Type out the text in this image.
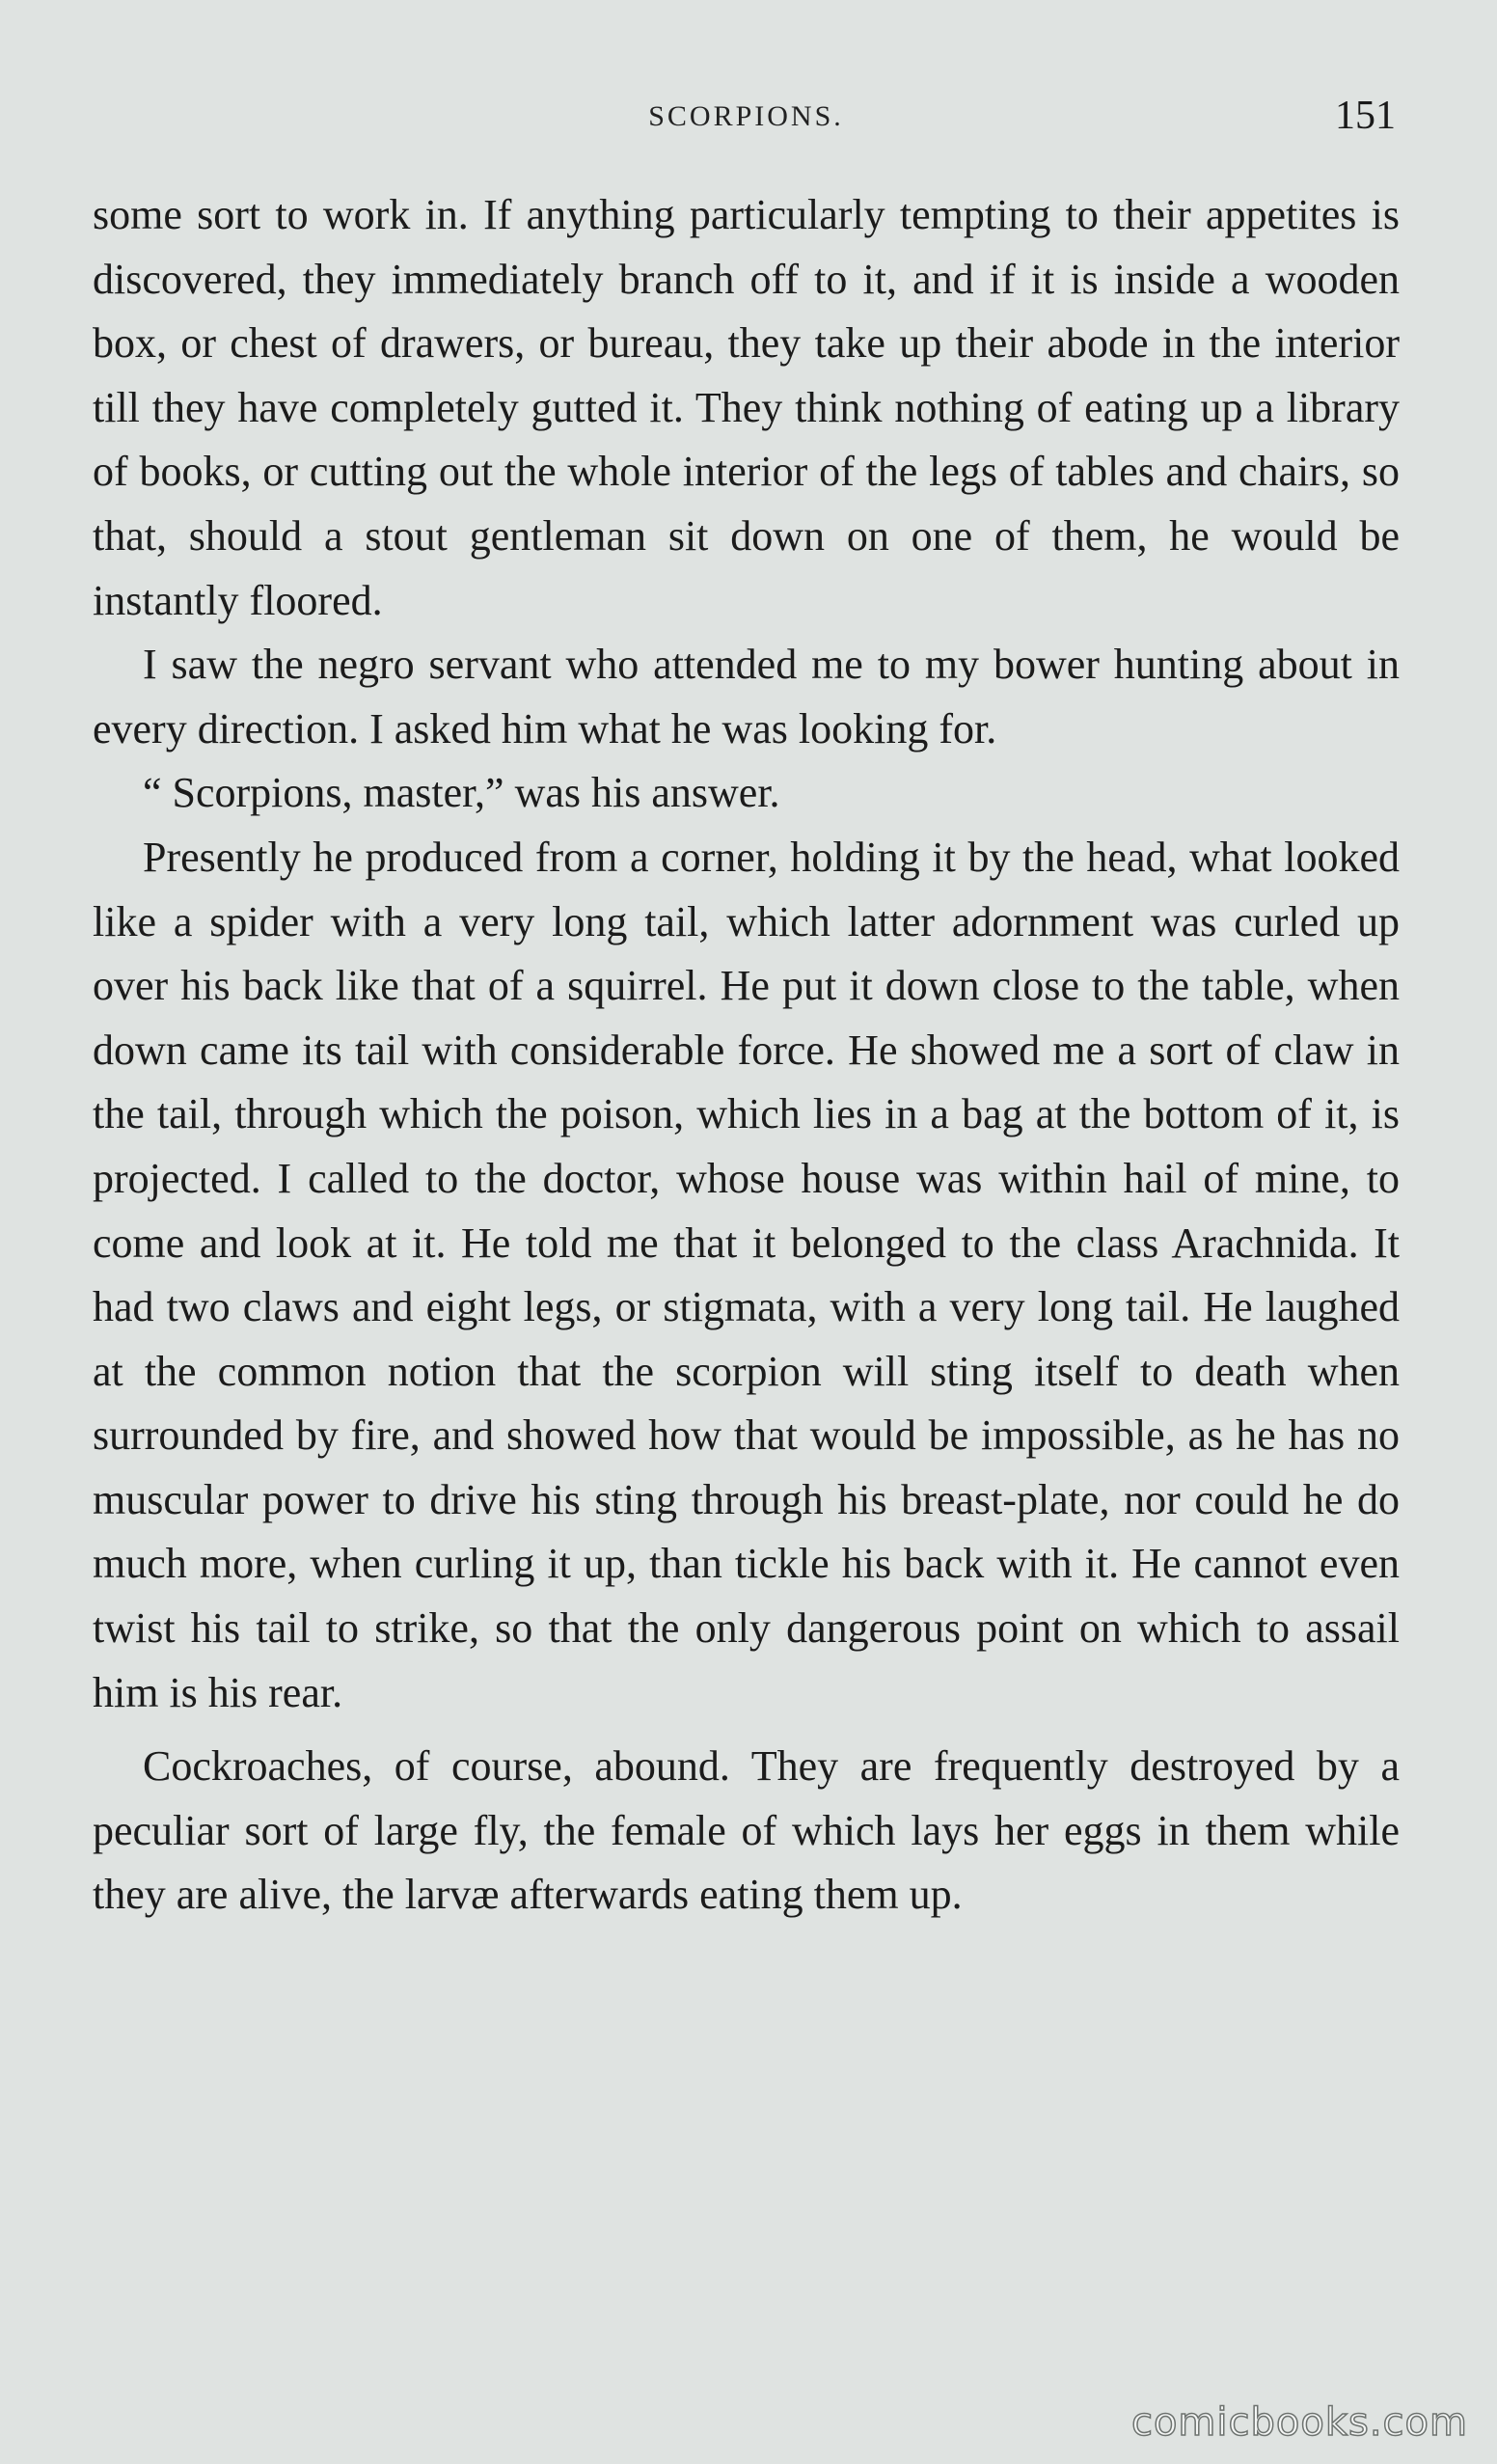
SCORPIONS.	151

some sort to work in. If anything particularly tempting to their appetites is discovered, they immediately branch off to it, and if it is inside a wooden box, or chest of drawers, or bureau, they take up their abode in the interior till they have completely gutted it. They think nothing of eating up a library of books, or cutting out the whole interior of the legs of tables and chairs, so that, should a stout gentleman sit down on one of them, he would be instantly floored.

I saw the negro servant who attended me to my bower hunting about in every direction. I asked him what he was looking for.

“ Scorpions, master,” was his answer.

Presently he produced from a corner, holding it by the head, what looked like a spider with a very long tail, which latter adornment was curled up over his back like that of a squirrel. He put it down close to the table, when down came its tail with considerable force. He showed me a sort of claw in the tail, through which the poison, which lies in a bag at the bottom of it, is projected. I called to the doctor, whose house was within hail of mine, to come and look at it. He told me that it belonged to the class Arachnida. It had two claws and eight legs, or stigmata, with a very long tail. He laughed at the common notion that the scorpion will sting itself to death when surrounded by fire, and showed how that would be impossible, as he has no muscular power to drive his sting through his breast-plate, nor could he do much more, when curling it up, than tickle his back with it. He cannot even twist his tail to strike, so that the only dangerous point on which to assail him is his rear.

Cockroaches, of course, abound. They are frequently destroyed by a peculiar sort of large fly, the female of which lays her eggs in them while they are alive, the larvæ afterwards eating them up.

comicbooks.com
